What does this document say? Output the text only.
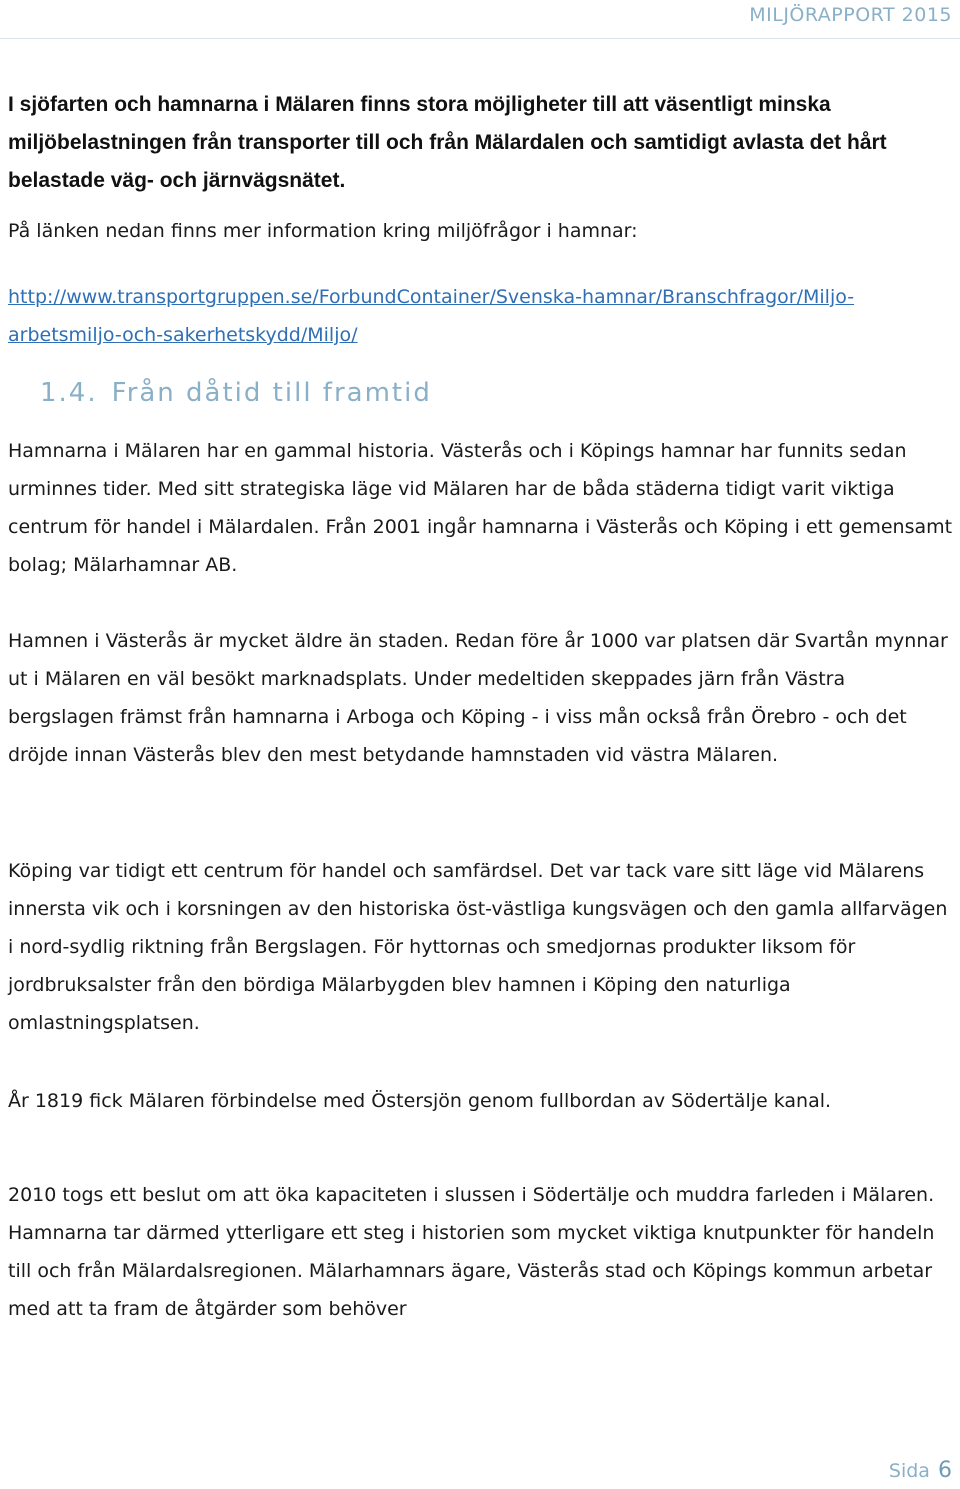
MILJÖRAPPORT 2015
I sjöfarten och hamnarna i Mälaren finns stora möjligheter till att väsentligt minska miljöbelastningen från transporter till och från Mälardalen och samtidigt avlasta det hårt belastade väg- och järnvägsnätet.
På länken nedan finns mer information kring miljöfrågor i hamnar:
http://www.transportgruppen.se/ForbundContainer/Svenska-hamnar/Branschfragor/Miljo-arbetsmiljo-och-sakerhetskydd/Miljo/
1.4. Från dåtid till framtid
Hamnarna i Mälaren har en gammal historia. Västerås och i Köpings hamnar har funnits sedan urminnes tider. Med sitt strategiska läge vid Mälaren har de båda städerna tidigt varit viktiga centrum för handel i Mälardalen. Från 2001 ingår hamnarna i Västerås och Köping i ett gemensamt bolag; Mälarhamnar AB.
Hamnen i Västerås är mycket äldre än staden. Redan före år 1000 var platsen där Svartån mynnar ut i Mälaren en väl besökt marknadsplats. Under medeltiden skeppades järn från Västra bergslagen främst från hamnarna i Arboga och Köping - i viss mån också från Örebro - och det dröjde innan Västerås blev den mest betydande hamnstaden vid västra Mälaren.
Köping var tidigt ett centrum för handel och samfärdsel. Det var tack vare sitt läge vid Mälarens innersta vik och i korsningen av den historiska öst-västliga kungsvägen och den gamla allfarvägen i nord-sydlig riktning från Bergslagen. För hyttornas och smedjornas produkter liksom för jordbruksalster från den bördiga Mälarbygden blev hamnen i Köping den naturliga omlastningsplatsen.
År 1819 fick Mälaren förbindelse med Östersjön genom fullbordan av Södertälje kanal.
2010 togs ett beslut om att öka kapaciteten i slussen i Södertälje och muddra farleden i Mälaren. Hamnarna tar därmed ytterligare ett steg i historien som mycket viktiga knutpunkter för handeln till och från Mälardalsregionen. Mälarhamnars ägare, Västerås stad och Köpings kommun arbetar med att ta fram de åtgärder som behöver
Sida 6
